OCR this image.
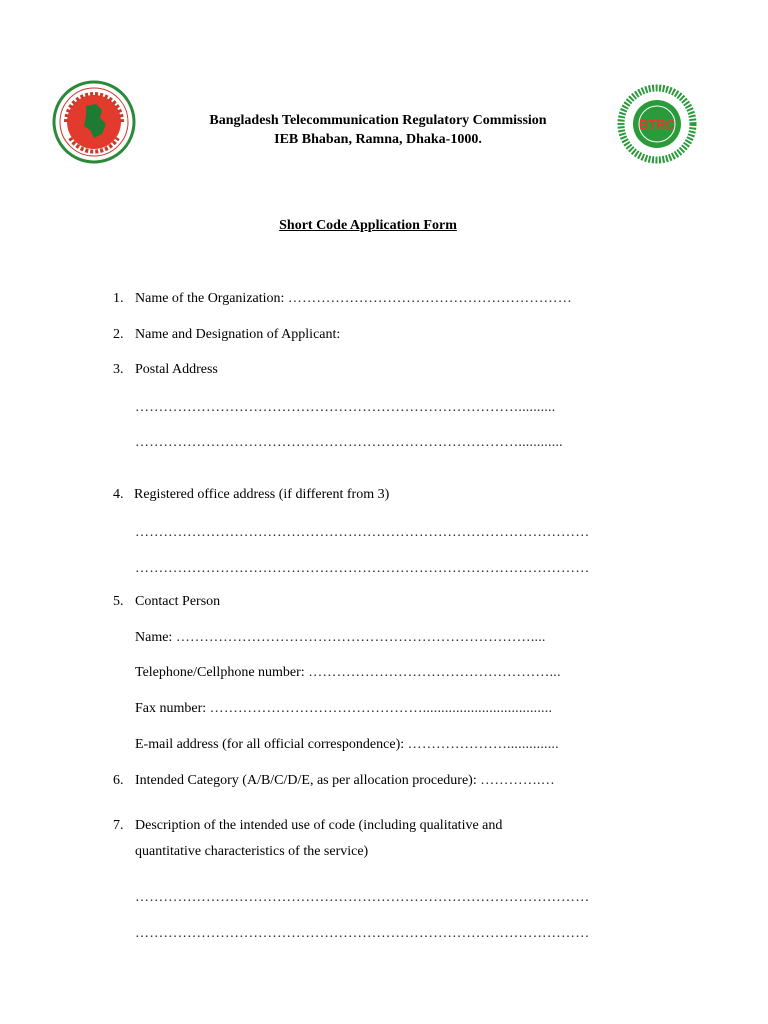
Bangladesh Telecommunication Regulatory Commission
IEB Bhaban, Ramna, Dhaka-1000.
BTRC
Short Code Application Form
1. Name of the Organization: ……………………………………………………
2. Name and Designation of Applicant:
3. Postal Address
………………………………………………………………………..........
………………………………………………………………………............
4. Registered office address (if different from 3)
……………………………………………………………………………………
……………………………………………………………………………………
5. Contact Person
Name: …………………………………………………………………....
Telephone/Cellphone number: ……………………………………………...
Fax number: ………………………………………...................................
E-mail address (for all official correspondence): …………………..............
6. Intended Category (A/B/C/D/E, as per allocation procedure): ………….…
7. Description of the intended use of code (including qualitative and
quantitative characteristics of the service)
……………………………………………………………………………………
……………………………………………………………………………………
